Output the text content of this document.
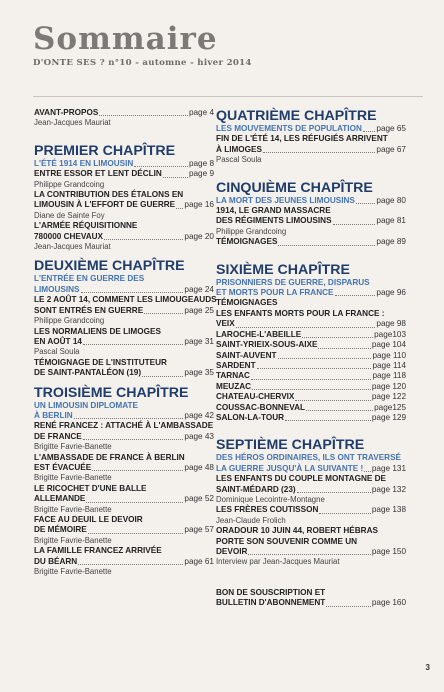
Sommaire
D'ONTE SES ? n°10 - automne - hiver 2014
AVANT-PROPOS	page 4
Jean-Jacques Mauriat
PREMIER CHAPÎTRE
L'ÉTÉ 1914 EN LIMOUSIN	page 8
ENTRE ESSOR ET LENT DÉCLIN	page 9
Philippe Grandcoing
LA CONTRIBUTION DES ÉTALONS EN
LIMOUSIN À L'EFFORT DE GUERRE page 16
Diane de Sainte Foy
L'ARMÉE RÉQUISITIONNE
780000 CHEVAUX	page 20
Jean-Jacques Mauriat
DEUXIÈME CHAPÎTRE
L'ENTRÉE EN GUERRE DES
LIMOUSINS	page 24
LE 2 AOÛT 14, COMMENT LES LIMOUGEAUDS
SONT ENTRÉS EN GUERRE	page 25
Philippe Grandcoing
LES NORMALIENS DE LIMOGES
EN AOÛT 14	page 31
Pascal Soula
TÉMOIGNAGE DE L'INSTITUTEUR
DE SAINT-PANTALÉON (19)	page 35
TROISIÈME CHAPÎTRE
UN LIMOUSIN DIPLOMATE
À BERLIN	page 42
RENÉ FRANCEZ : ATTACHÉ À L'AMBASSADE
DE FRANCE	page 43
Brigitte Favrie-Banette
L'AMBASSADE DE FRANCE À BERLIN
EST ÉVACUÉE	page 48
Brigitte Favrie-Banette
LE RICOCHET D'UNE BALLE
ALLEMANDE	page 52
Brigitte Favrie-Banette
FACE AU DEUIL LE DEVOIR
DE MÉMOIRE	page 57
Brigitte Favrie-Banette
LA FAMILLE FRANCEZ ARRIVÉE
DU BÉARN	page 61
Brigitte Favrie-Banette
QUATRIÈME CHAPÎTRE
LES MOUVEMENTS DE POPULATION page 65
FIN DE L'ÉTÉ 14, LES RÉFUGIÉS ARRIVENT
À LIMOGES	page 67
Pascal Soula
CINQUIÈME CHAPÎTRE
LA MORT DES JEUNES LIMOUSINS	page 80
1914, LE GRAND MASSACRE
DES RÉGIMENTS LIMOUSINS	page 81
Philippe Grandcoing
TÉMOIGNAGES	page 89
SIXIÈME CHAPÎTRE
PRISONNIERS DE GUERRE, DISPARUS
ET MORTS POUR LA FRANCE	page 96
TÉMOIGNAGES
LES ENFANTS MORTS POUR LA FRANCE :
VEIX	page 98
LAROCHE-L'ABEILLE	page103
SAINT-YRIEIX-SOUS-AIXE	page 104
SAINT-AUVENT	page 110
SARDENT	page 114
TARNAC	page 118
MEUZAC	page 120
CHATEAU-CHERVIX	page 122
COUSSAC-BONNEVAL	page125
SALON-LA-TOUR	page 129
SEPTIÈME CHAPÎTRE
DES HÉROS ORDINAIRES, ILS ONT TRAVERSÉ
LA GUERRE JUSQU'À LA SUIVANTE ! page 131
LES ENFANTS DU COUPLE MONTAGNE DE
SAINT-MÉDARD (23)	page 132
Dominique Lecointre-Montagne
LES FRÈRES COUTISSON	page 138
Jean-Claude Frolich
ORADOUR 10 JUIN 44, ROBERT HÉBRAS
PORTE SON SOUVENIR COMME UN
DEVOIR	page 150
Interview par Jean-Jacques Mauriat
BON DE SOUSCRIPTION ET
BULLETIN D'ABONNEMENT	page 160
3
